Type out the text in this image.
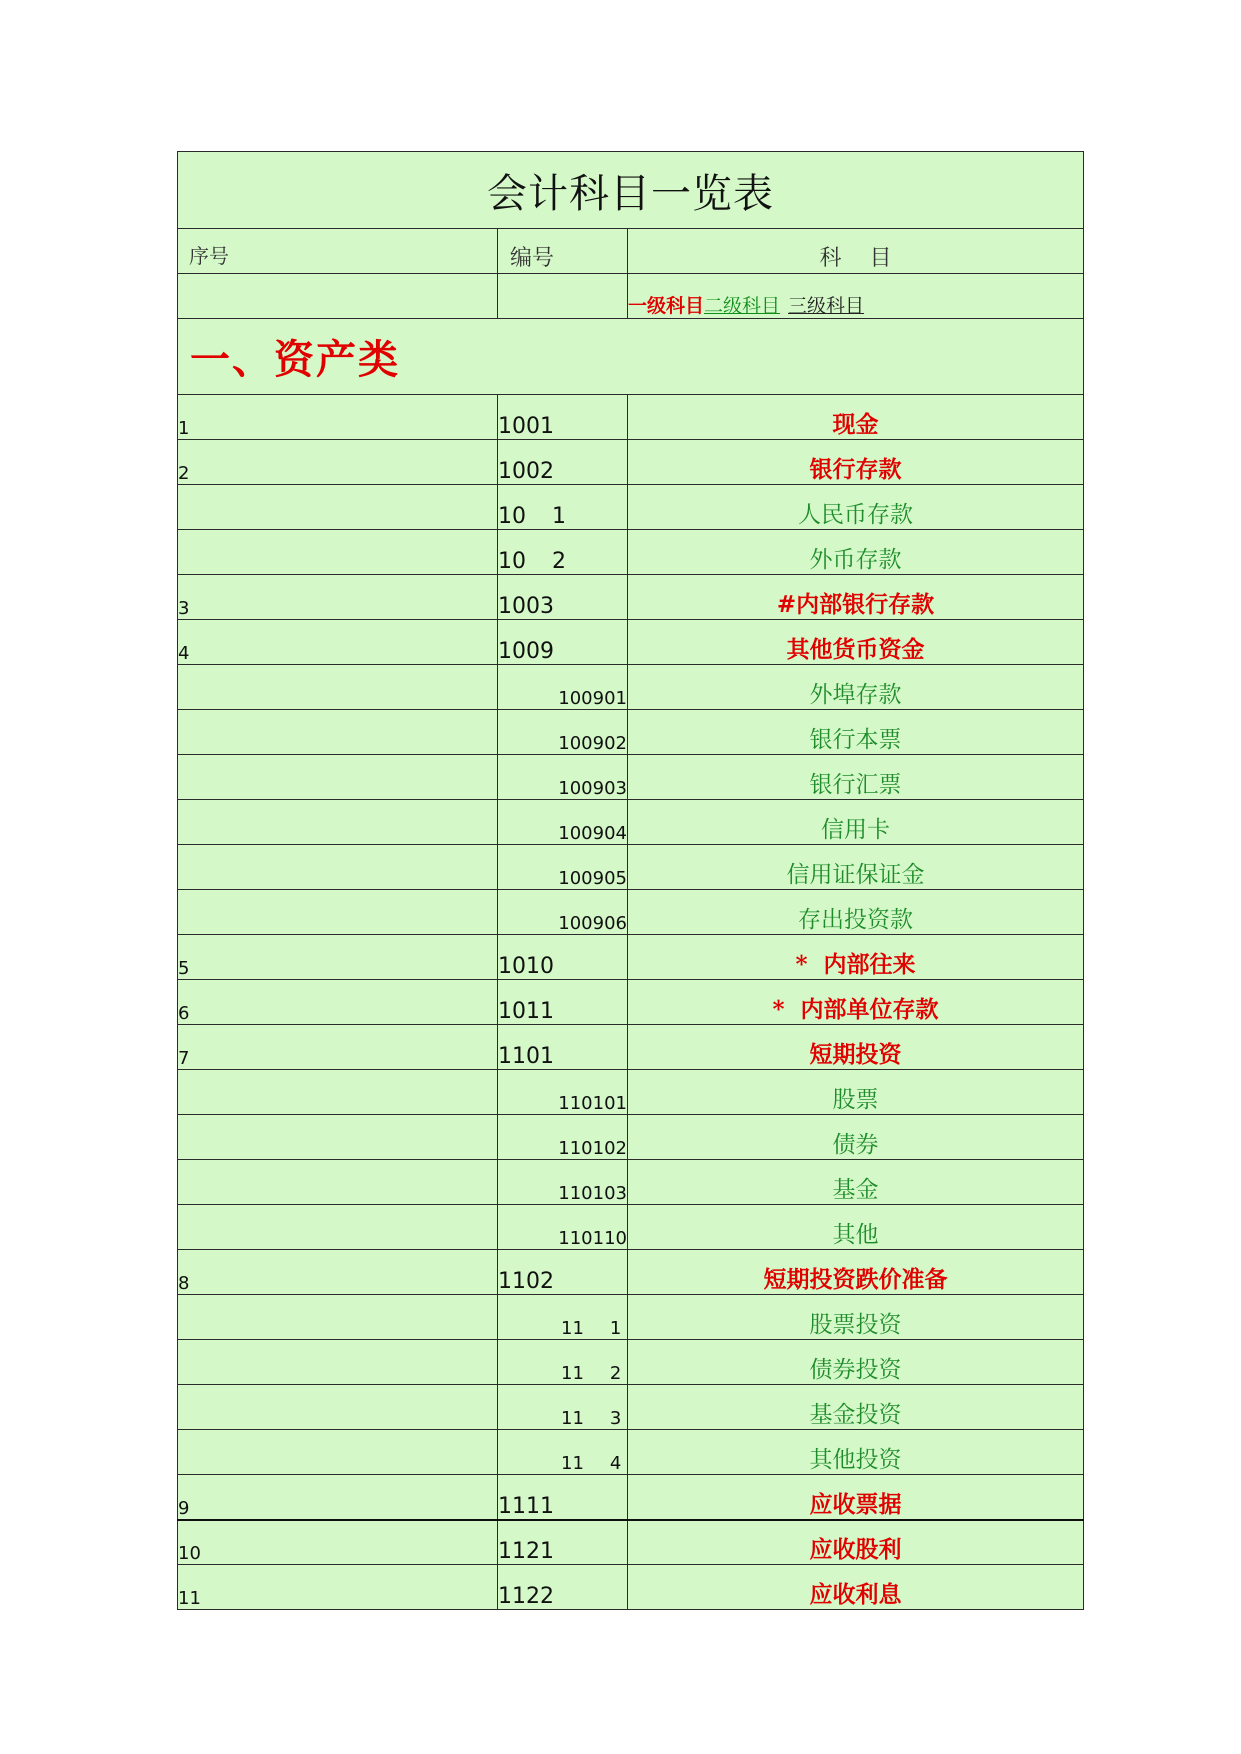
会计科目一览表		
序号	编号	科    目
		一级科目二级科目 三级科目
一、资产类		
1	1001	现金
2	1002	银行存款
	10 1	人民币存款
	10 2	外币存款
3	1003	#内部银行存款
4	1009	其他货币资金
	100901	外埠存款
	100902	银行本票
	100903	银行汇票
	100904	信用卡
	100905	信用证保证金
	100906	存出投资款
5	1010	*  内部往来
6	1011	*  内部单位存款
7	1101	短期投资
	110101	股票
	110102	债券
	110103	基金
	110110	其他
8	1102	短期投资跌价准备
	11 1	股票投资
	11 2	债券投资
	11 3	基金投资
	11 4	其他投资
9	1111	应收票据
10	1121	应收股利
11	1122	应收利息
